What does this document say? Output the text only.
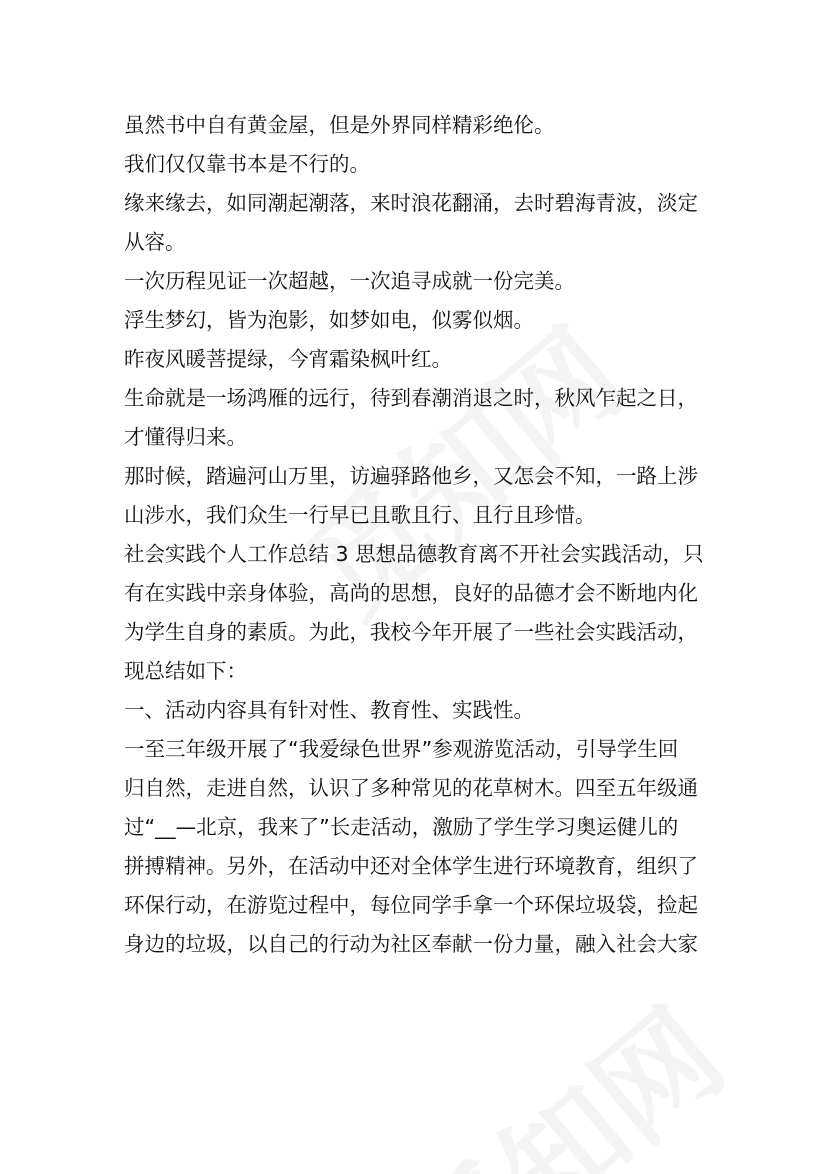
虽然书中自有黄金屋，但是外界同样精彩绝伦。

我们仅仅靠书本是不行的。

缘来缘去，如同潮起潮落，来时浪花翻涌，去时碧海青波，淡定

从容。

一次历程见证一次超越，一次追寻成就一份完美。

浮生梦幻，皆为泡影，如梦如电，似雾似烟。

昨夜风暖菩提绿，今宵霜染枫叶红。

生命就是一场鸿雁的远行，待到春潮消退之时，秋风乍起之日，

才懂得归来。

那时候，踏遍河山万里，访遍驿路他乡，又怎会不知，一路上涉

山涉水，我们众生一行早已且歌且行、且行且珍惜。

社会实践个人工作总结 3 思想品德教育离不开社会实践活动，只

有在实践中亲身体验，高尚的思想，良好的品德才会不断地内化

为学生自身的素质。为此，我校今年开展了一些社会实践活动，

现总结如下：

一、活动内容具有针对性、教育性、实践性。

一至三年级开展了“我爱绿色世界”参观游览活动，引导学生回

归自然，走进自然，认识了多种常见的花草树木。四至五年级通

过“__—北京，我来了”长走活动，激励了学生学习奥运健儿的

拼搏精神。另外，在活动中还对全体学生进行环境教育，组织了

环保行动，在游览过程中，每位同学手拿一个环保垃圾袋，捡起

身边的垃圾，以自己的行动为社区奉献一份力量，融入社会大家
